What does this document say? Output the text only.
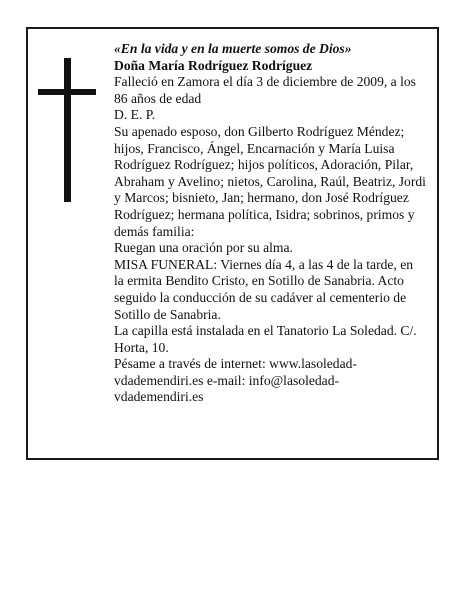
«En la vida y en la muerte somos de Dios»

Doña María Rodríguez Rodríguez

Falleció en Zamora el día 3 de diciembre de 2009, a los 86 años de edad

D. E. P.

Su apenado esposo, don Gilberto Rodríguez Méndez; hijos, Francisco, Ángel, Encarnación y María Luisa Rodríguez Rodríguez; hijos políticos, Adoración, Pilar, Abraham y Avelino; nietos, Carolina, Raúl, Beatriz, Jordi y Marcos; bisnieto, Jan; hermano, don José Rodríguez Rodríguez; hermana política, Isidra; sobrinos, primos y demás familia:

Ruegan una oración por su alma.

MISA FUNERAL: Viernes día 4, a las 4 de la tarde, en la ermita Bendito Cristo, en Sotillo de Sanabria. Acto seguido la conducción de su cadáver al cementerio de Sotillo de Sanabria.

La capilla está instalada en el Tanatorio La Soledad. C/. Horta, 10.

Pésame a través de internet: www.lasoledad-vdademendiri.es e-mail: info@lasoledad-vdademendiri.es
